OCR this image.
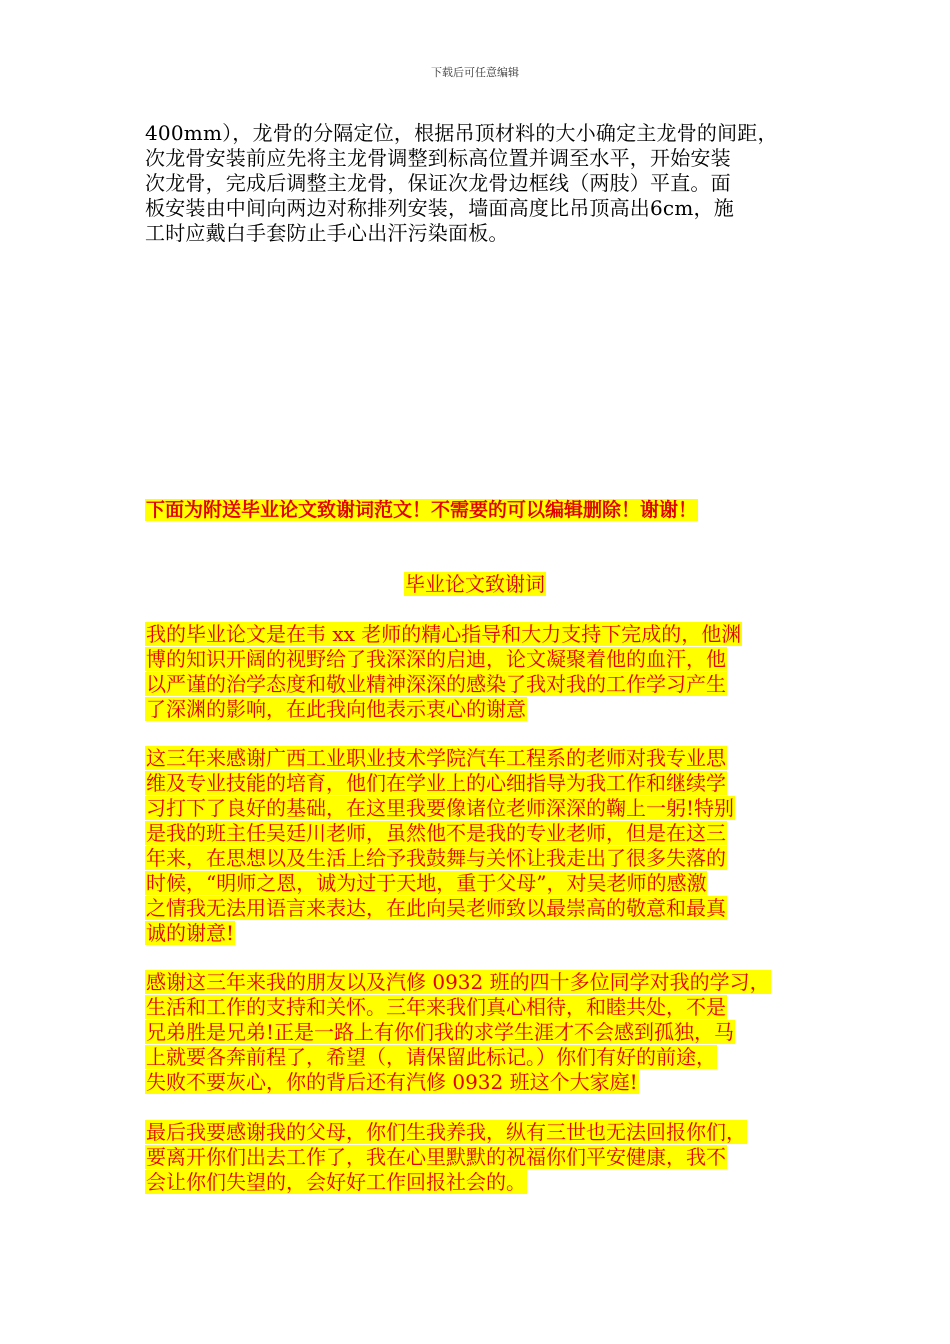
下载后可任意编辑
400mm），龙骨的分隔定位，根据吊顶材料的大小确定主龙骨的间距，
次龙骨安装前应先将主龙骨调整到标高位置并调至水平，开始安装
次龙骨，完成后调整主龙骨，保证次龙骨边框线（两肢）平直。面
板安装由中间向两边对称排列安装，墙面高度比吊顶高出6cm，施
工时应戴白手套防止手心出汗污染面板。
下面为附送毕业论文致谢词范文！不需要的可以编辑删除！谢谢！
毕业论文致谢词
我的毕业论文是在韦 xx 老师的精心指导和大力支持下完成的，他渊
博的知识开阔的视野给了我深深的启迪，论文凝聚着他的血汗，他
以严谨的治学态度和敬业精神深深的感染了我对我的工作学习产生
了深渊的影响，在此我向他表示衷心的谢意
这三年来感谢广西工业职业技术学院汽车工程系的老师对我专业思
维及专业技能的培育，他们在学业上的心细指导为我工作和继续学
习打下了良好的基础，在这里我要像诸位老师深深的鞠上一躬!特别
是我的班主任吴廷川老师，虽然他不是我的专业老师，但是在这三
年来，在思想以及生活上给予我鼓舞与关怀让我走出了很多失落的
时候，“明师之恩，诚为过于天地，重于父母”，对吴老师的感激
之情我无法用语言来表达，在此向吴老师致以最崇高的敬意和最真
诚的谢意!
感谢这三年来我的朋友以及汽修 0932 班的四十多位同学对我的学习，
生活和工作的支持和关怀。三年来我们真心相待，和睦共处，不是
兄弟胜是兄弟!正是一路上有你们我的求学生涯才不会感到孤独，马
上就要各奔前程了，希望（，请保留此标记。）你们有好的前途，
失败不要灰心，你的背后还有汽修 0932 班这个大家庭!
最后我要感谢我的父母，你们生我养我，纵有三世也无法回报你们，
要离开你们出去工作了，我在心里默默的祝福你们平安健康，我不
会让你们失望的，会好好工作回报社会的。
